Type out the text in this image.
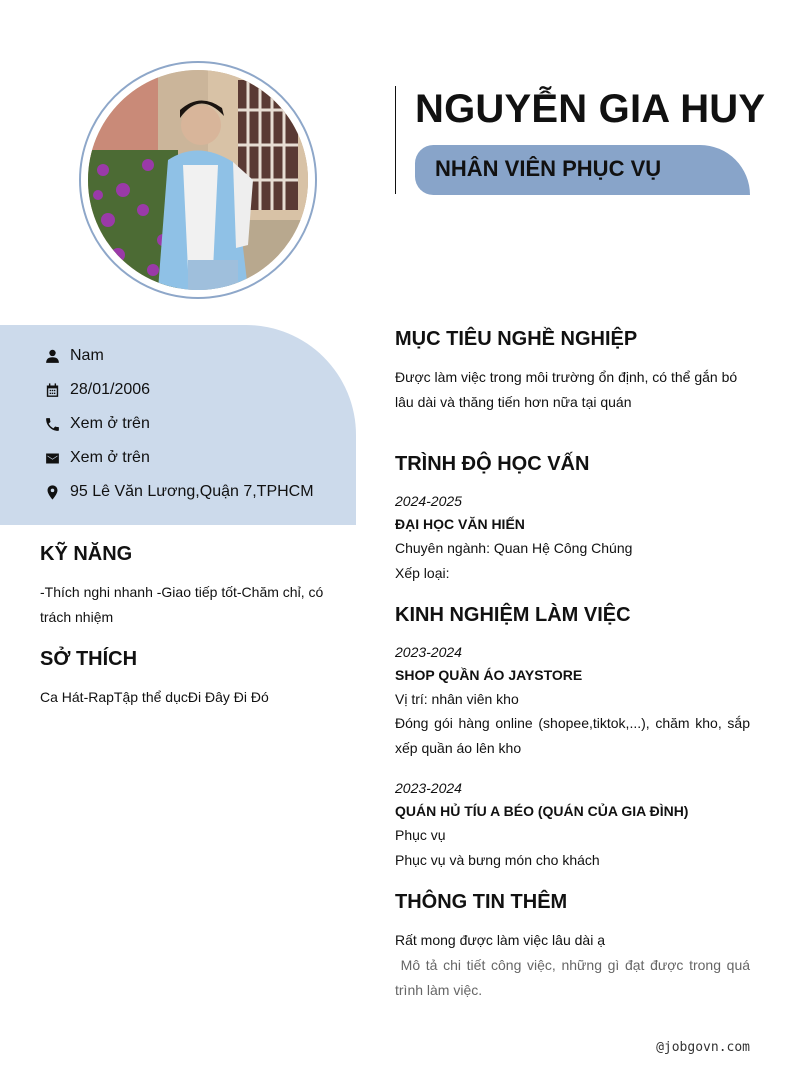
NGUYỄN GIA HUY
NHÂN VIÊN PHỤC VỤ
Nam
28/01/2006
Xem ở trên
Xem ở trên
95 Lê Văn Lương,Quận 7,TPHCM
KỸ NĂNG
-Thích nghi nhanh -Giao tiếp tốt-Chăm chỉ, có trách nhiệm
SỞ THÍCH
Ca Hát-RapTập thể dụcĐi Đây Đi Đó
MỤC TIÊU NGHỀ NGHIỆP
Được làm việc trong môi trường ổn định, có thể gắn bó lâu dài và thăng tiến hơn nữa tại quán
TRÌNH ĐỘ HỌC VẤN
2024-2025
ĐẠI HỌC VĂN HIẾN
Chuyên ngành: Quan Hệ Công Chúng
Xếp loại:
KINH NGHIỆM LÀM VIỆC
2023-2024
SHOP QUẦN ÁO JAYSTORE
Vị trí: nhân viên kho
Đóng gói hàng online (shopee,tiktok,...), chăm kho, sắp xếp quần áo lên kho
2023-2024
QUÁN HỦ TÍU A BÉO (QUÁN CỦA GIA ĐÌNH)
Phục vụ
Phục vụ và bưng món cho khách
THÔNG TIN THÊM
Rất mong được làm việc lâu dài ạ
Mô tả chi tiết công việc, những gì đạt được trong quá trình làm việc.
@jobgovn.com
